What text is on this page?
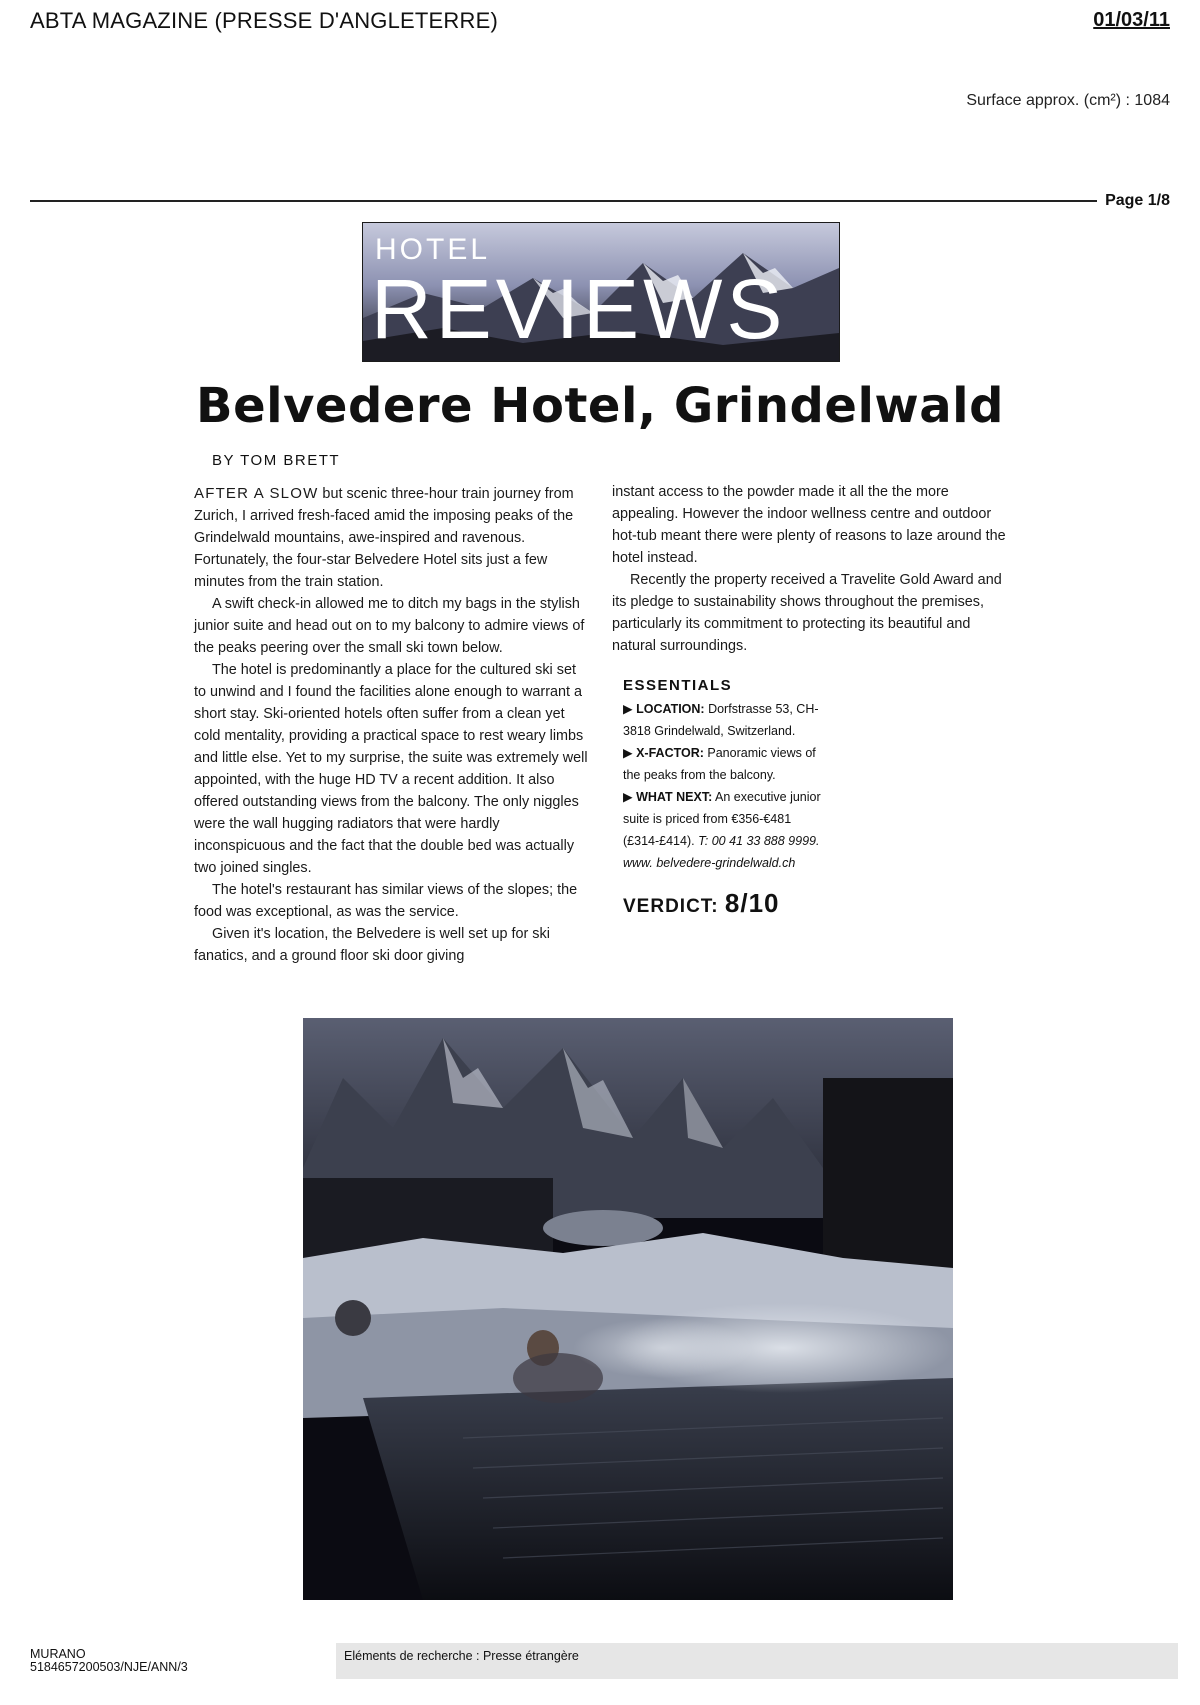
ABTA MAGAZINE (PRESSE D'ANGLETERRE)	01/03/11
Surface approx. (cm²) : 1084
Page 1/8
HOTEL
REVIEWS
Belvedere Hotel, Grindelwald
BY TOM BRETT

AFTER A SLOW but scenic three-hour train journey from Zurich, I arrived fresh-faced amid the imposing peaks of the Grindelwald mountains, awe-inspired and ravenous. Fortunately, the four-star Belvedere Hotel sits just a few minutes from the train station.

A swift check-in allowed me to ditch my bags in the stylish junior suite and head out on to my balcony to admire views of the peaks peering over the small ski town below.

The hotel is predominantly a place for the cultured ski set to unwind and I found the facilities alone enough to warrant a short stay. Ski-oriented hotels often suffer from a clean yet cold mentality, providing a practical space to rest weary limbs and little else. Yet to my surprise, the suite was extremely well appointed, with the huge HD TV a recent addition. It also offered outstanding views from the balcony. The only niggles were the wall hugging radiators that were hardly inconspicuous and the fact that the double bed was actually two joined singles.

The hotel's restaurant has similar views of the slopes; the food was exceptional, as was the service.

Given it's location, the Belvedere is well set up for ski fanatics, and a ground floor ski door giving

instant access to the powder made it all the the more appealing. However the indoor wellness centre and outdoor hot-tub meant there were plenty of reasons to laze around the hotel instead.

Recently the property received a Travelite Gold Award and its pledge to sustainability shows throughout the premises, particularly its commitment to protecting its beautiful and natural surroundings.

ESSENTIALS
▶ LOCATION: Dorfstrasse 53, CH-3818 Grindelwald, Switzerland.
▶ X-FACTOR: Panoramic views of the peaks from the balcony.
▶ WHAT NEXT: An executive junior suite is priced from €356-€481 (£314-£414). T: 00 41 33 888 9999. www. belvedere-grindelwald.ch
VERDICT: 8/10
MURANO
5184657200503/NJE/ANN/3
Eléments de recherche : Presse étrangère
